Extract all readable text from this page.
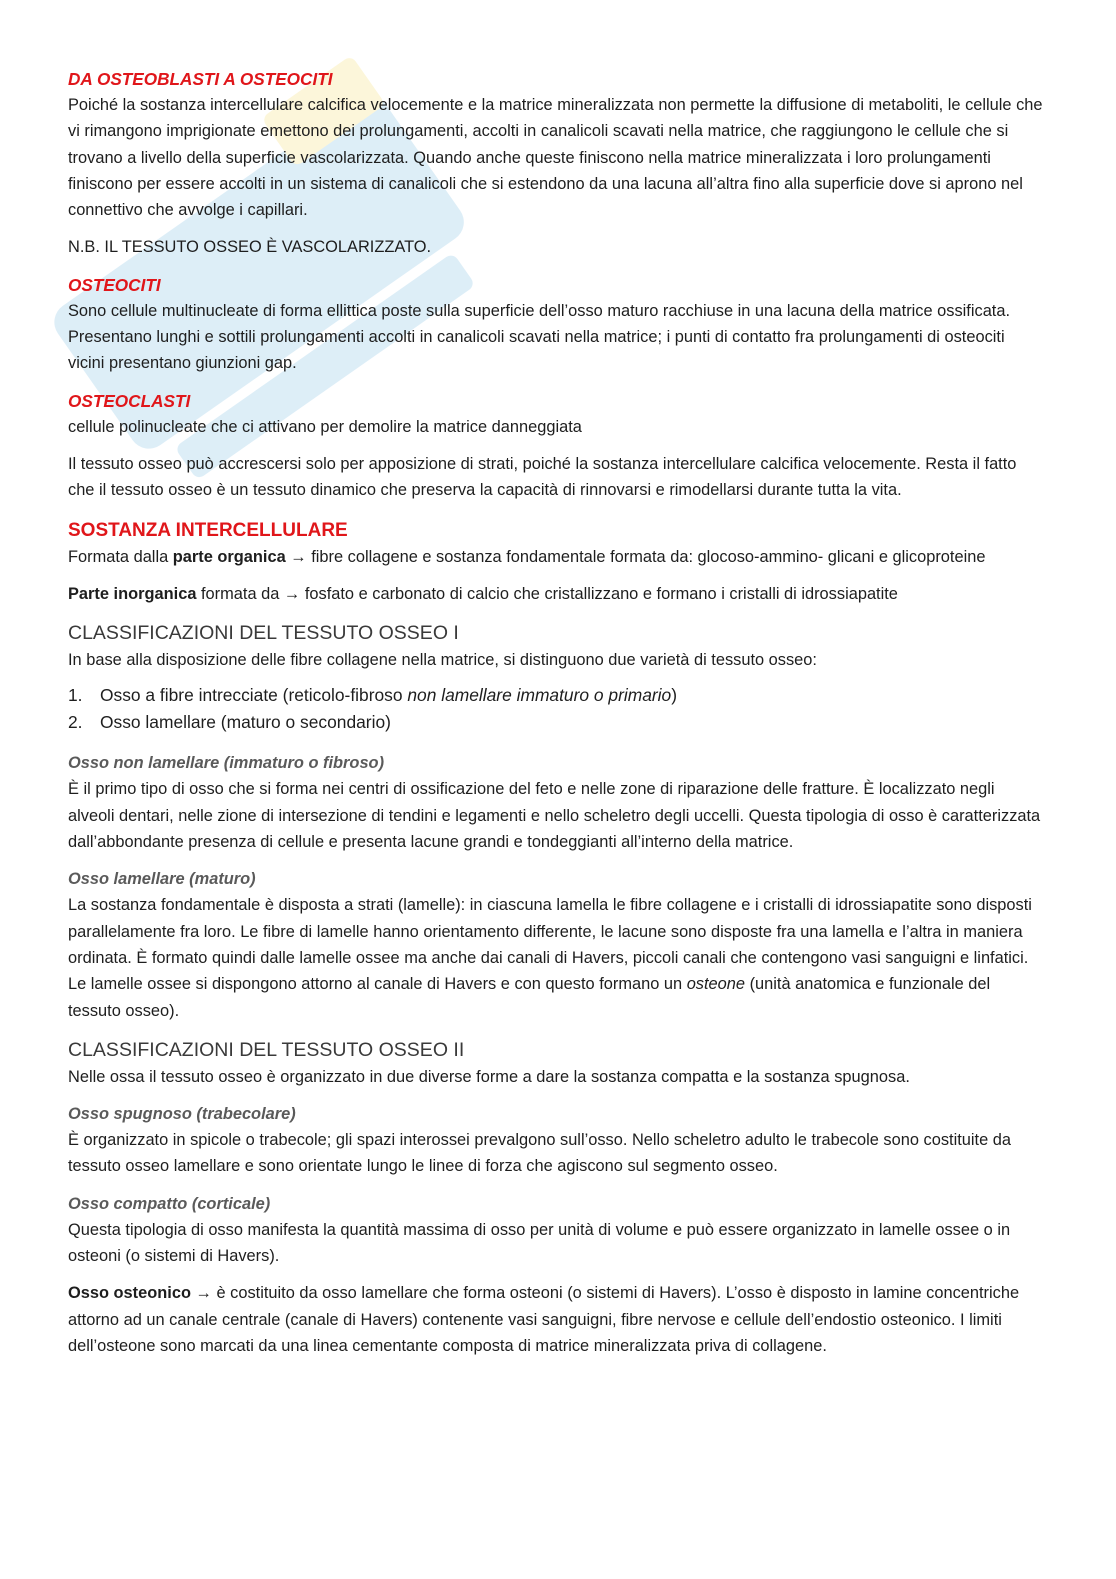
DA OSTEOBLASTI A OSTEOCITI

Poiché la sostanza intercellulare calcifica velocemente e la matrice mineralizzata non permette la diffusione di metaboliti, le cellule che vi rimangono imprigionate emettono dei prolungamenti, accolti in canalicoli scavati nella matrice, che raggiungono le cellule che si trovano a livello della superficie vascolarizzata. Quando anche queste finiscono nella matrice mineralizzata i loro prolungamenti finiscono per essere accolti in un sistema di canalicoli che si estendono da una lacuna all’altra fino alla superficie dove si aprono nel connettivo che avvolge i capillari.

N.B. IL TESSUTO OSSEO È VASCOLARIZZATO.

OSTEOCITI

Sono cellule multinucleate di forma ellittica poste sulla superficie dell’osso maturo racchiuse in una lacuna della matrice ossificata. Presentano lunghi e sottili prolungamenti accolti in canalicoli scavati nella matrice; i punti di contatto fra prolungamenti di osteociti vicini presentano giunzioni gap.

OSTEOCLASTI

cellule polinucleate che ci attivano per demolire la matrice danneggiata

Il tessuto osseo può accrescersi solo per apposizione di strati, poiché la sostanza intercellulare calcifica velocemente. Resta il fatto che il tessuto osseo è un tessuto dinamico che preserva la capacità di rinnovarsi e rimodellarsi durante tutta la vita.

SOSTANZA INTERCELLULARE

Formata dalla parte organica → fibre collagene e sostanza fondamentale formata da: glocoso-ammino- glicani e glicoproteine

Parte inorganica formata da → fosfato e carbonato di calcio che cristallizzano e formano i cristalli di idrossiapatite

CLASSIFICAZIONI DEL TESSUTO OSSEO I

In base alla disposizione delle fibre collagene nella matrice, si distinguono due varietà di tessuto osseo:

1. Osso a fibre intrecciate (reticolo-fibroso non lamellare immaturo o primario)
2. Osso lamellare (maturo o secondario)
Osso non lamellare (immaturo o fibroso)

È il primo tipo di osso che si forma nei centri di ossificazione del feto e nelle zone di riparazione delle fratture. È localizzato negli alveoli dentari, nelle zione di intersezione di tendini e legamenti e nello scheletro degli uccelli. Questa tipologia di osso è caratterizzata dall’abbondante presenza di cellule e presenta lacune grandi e tondeggianti all’interno della matrice.

Osso lamellare (maturo)

La sostanza fondamentale è disposta a strati (lamelle): in ciascuna lamella le fibre collagene e i cristalli di idrossiapatite sono disposti parallelamente fra loro. Le fibre di lamelle hanno orientamento differente, le lacune sono disposte fra una lamella e l’altra in maniera ordinata. È formato quindi dalle lamelle ossee ma anche dai canali di Havers, piccoli canali che contengono vasi sanguigni e linfatici. Le lamelle ossee si dispongono attorno al canale di Havers e con questo formano un osteone (unità anatomica e funzionale del tessuto osseo).

CLASSIFICAZIONI DEL TESSUTO OSSEO II

Nelle ossa il tessuto osseo è organizzato in due diverse forme a dare la sostanza compatta e la sostanza spugnosa.

Osso spugnoso (trabecolare)

È organizzato in spicole o trabecole; gli spazi interossei prevalgono sull’osso. Nello scheletro adulto le trabecole sono costituite da tessuto osseo lamellare e sono orientate lungo le linee di forza che agiscono sul segmento osseo.

Osso compatto (corticale)

Questa tipologia di osso manifesta la quantità massima di osso per unità di volume e può essere organizzato in lamelle ossee o in osteoni (o sistemi di Havers).

Osso osteonico → è costituito da osso lamellare che forma osteoni (o sistemi di Havers). L’osso è disposto in lamine concentriche attorno ad un canale centrale (canale di Havers) contenente vasi sanguigni, fibre nervose e cellule dell’endostio osteonico. I limiti dell’osteone sono marcati da una linea cementante composta di matrice mineralizzata priva di collagene.
